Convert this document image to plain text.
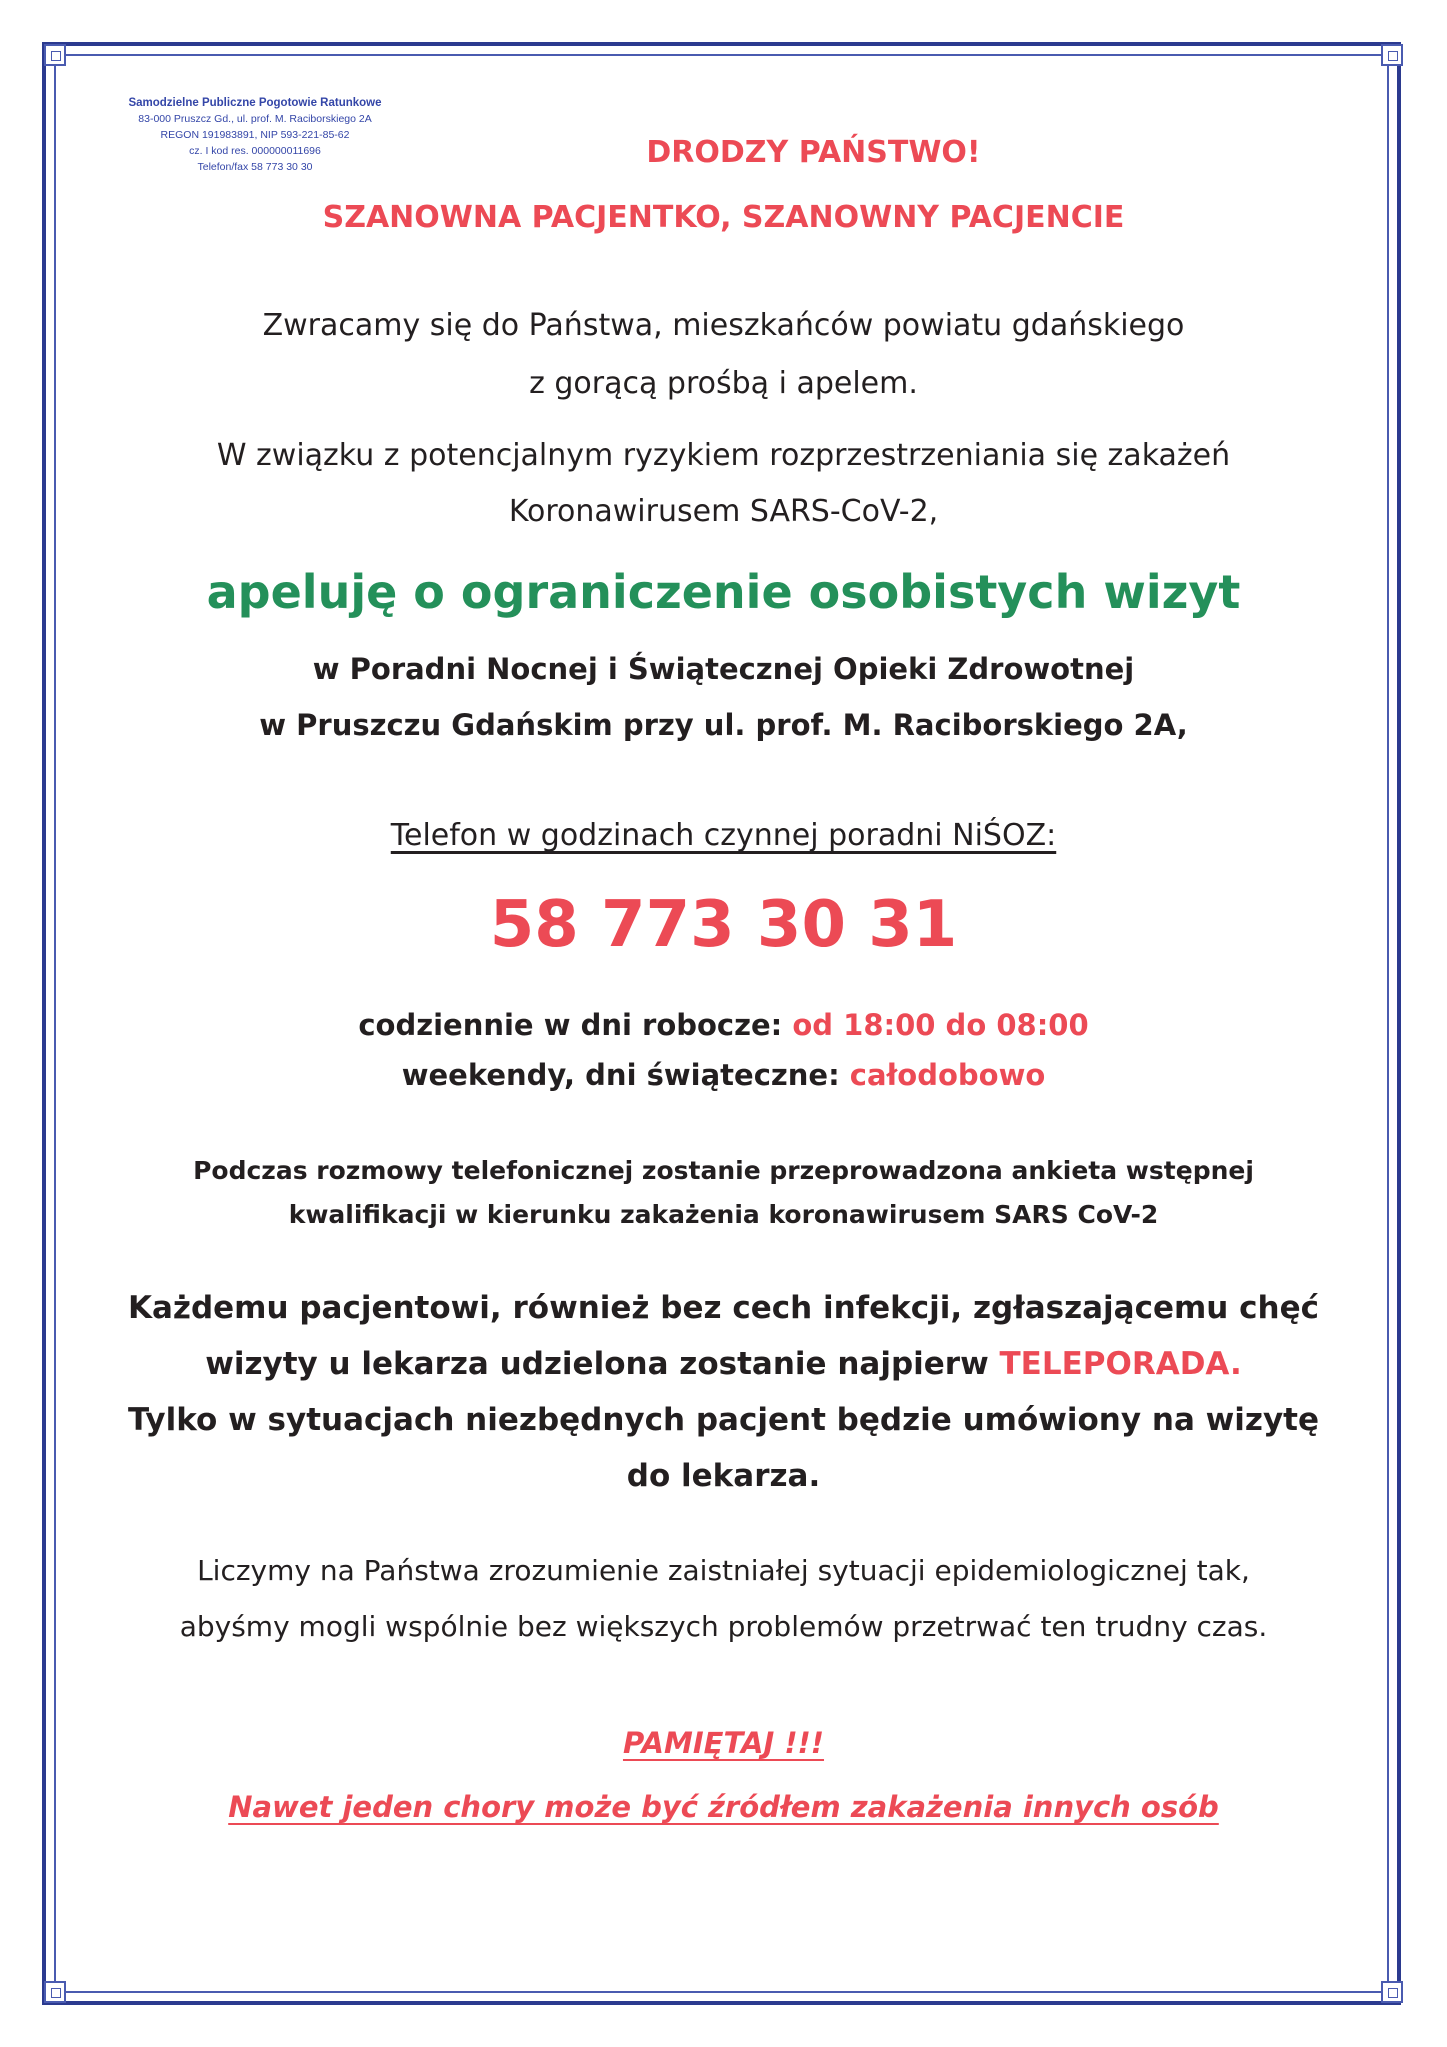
Samodzielne Publiczne Pogotowie Ratunkowe
83-000 Pruszcz Gd., ul. prof. M. Raciborskiego 2A
REGON 191983891, NIP 593-221-85-62
cz. I kod res. 000000011696
Telefon/fax 58 773 30 30	DRODZY PAŃSTWO!
SZANOWNA PACJENTKO, SZANOWNY PACJENCIE
Zwracamy się do Państwa, mieszkańców powiatu gdańskiego
z gorącą prośbą i apelem.
W związku z potencjalnym ryzykiem rozprzestrzeniania się zakażeń
Koronawirusem SARS-CoV-2,
apeluję o ograniczenie osobistych wizyt
w Poradni Nocnej i Świątecznej Opieki Zdrowotnej
w Pruszczu Gdańskim przy ul. prof. M. Raciborskiego 2A,
Telefon w godzinach czynnej poradni NiŚOZ:
58 773 30 31
codziennie w dni robocze: od 18:00 do 08:00
weekendy, dni świąteczne: całodobowo
Podczas rozmowy telefonicznej zostanie przeprowadzona ankieta wstępnej
kwalifikacji w kierunku zakażenia koronawirusem SARS CoV-2
Każdemu pacjentowi, również bez cech infekcji, zgłaszającemu chęć
wizyty u lekarza udzielona zostanie najpierw TELEPORADA.
Tylko w sytuacjach niezbędnych pacjent będzie umówiony na wizytę
do lekarza.
Liczymy na Państwa zrozumienie zaistniałej sytuacji epidemiologicznej tak,
abyśmy mogli wspólnie bez większych problemów przetrwać ten trudny czas.
PAMIĘTAJ !!!
Nawet jeden chory może być źródłem zakażenia innych osób
